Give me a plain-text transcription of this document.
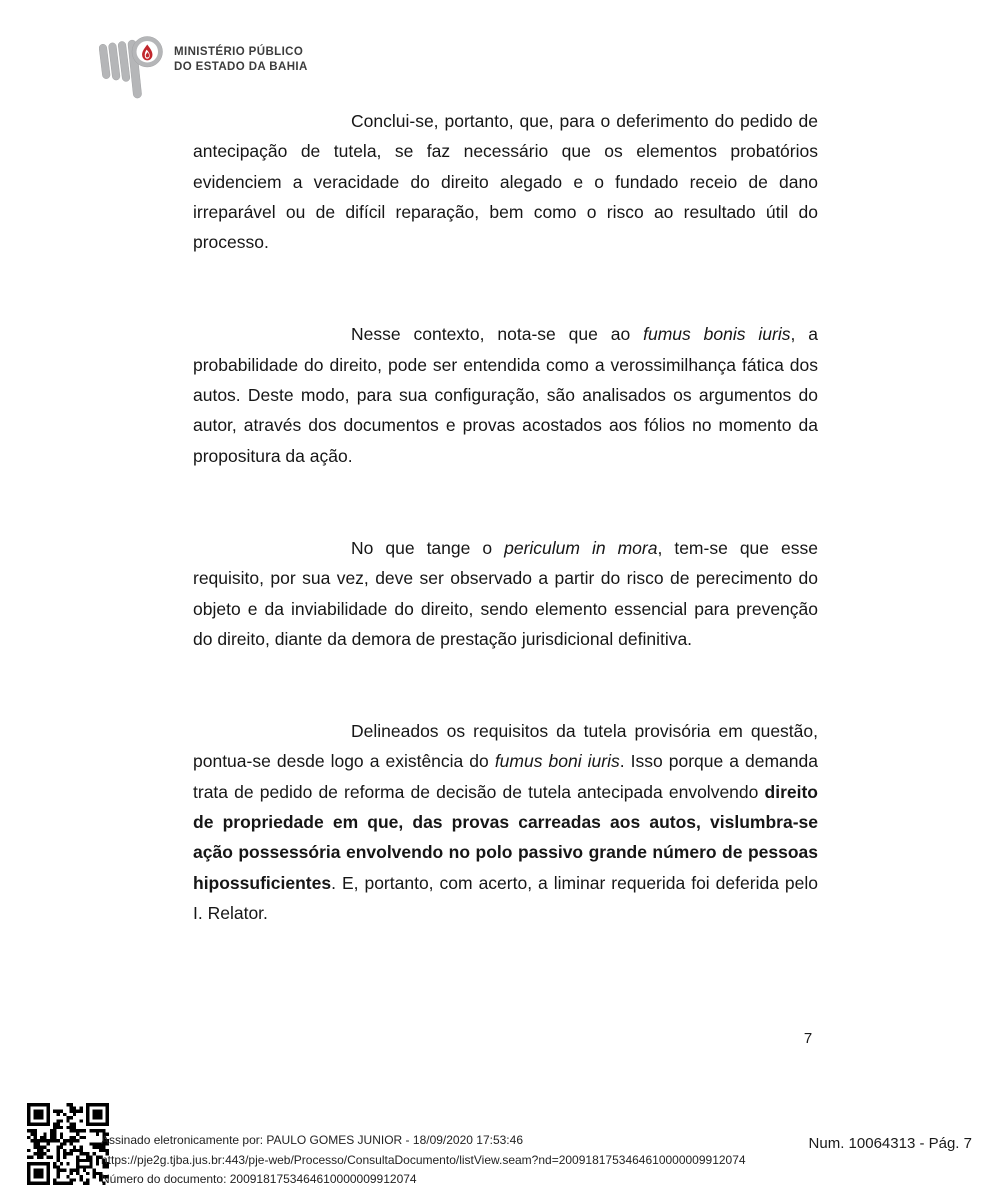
MINISTÉRIO PÚBLICO
DO ESTADO DA BAHIA

Conclui-se, portanto, que, para o deferimento do pedido de antecipação de tutela, se faz necessário que os elementos probatórios evidenciem a veracidade do direito alegado e o fundado receio de dano irreparável ou de difícil reparação, bem como o risco ao resultado útil do processo.

Nesse contexto, nota-se que ao fumus bonis iuris, a probabilidade do direito, pode ser entendida como a verossimilhança fática dos autos. Deste modo, para sua configuração, são analisados os argumentos do autor, através dos documentos e provas acostados aos fólios no momento da propositura da ação.

No que tange o periculum in mora, tem-se que esse requisito, por sua vez, deve ser observado a partir do risco de perecimento do objeto e da inviabilidade do direito, sendo elemento essencial para prevenção do direito, diante da demora de prestação jurisdicional definitiva.

Delineados os requisitos da tutela provisória em questão, pontua-se desde logo a existência do fumus boni iuris. Isso porque a demanda trata de pedido de reforma de decisão de tutela antecipada envolvendo direito de propriedade em que, das provas carreadas aos autos, vislumbra-se ação possessória envolvendo no polo passivo grande número de pessoas hipossuficientes. E, portanto, com acerto, a liminar requerida foi deferida pelo I. Relator.

7
Assinado eletronicamente por: PAULO GOMES JUNIOR - 18/09/2020 17:53:46
https://pje2g.tjba.jus.br:443/pje-web/Processo/ConsultaDocumento/listView.seam?nd=2009181753464610000009912074
Número do documento: 2009181753464610000009912074
Num. 10064313 - Pág. 7
